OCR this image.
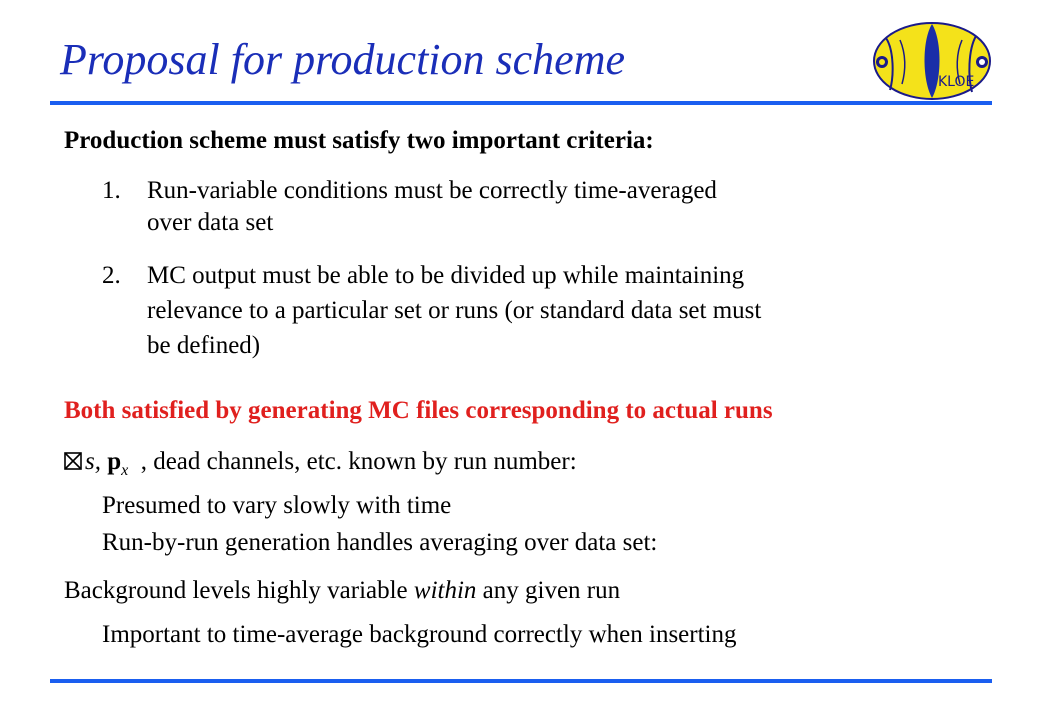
Proposal for production scheme	KLOE
Production scheme must satisfy two important criteria:
1. Run-variable conditions must be correctly time-averaged
over data set
2. MC output must be able to be divided up while maintaining
relevance to a particular set or runs (or standard data set must
be defined)
Both satisfied by generating MC files corresponding to actual runs
s, $p_{x⃗}$, dead channels, etc. known by run number:
Presumed to vary slowly with time
Run-by-run generation handles averaging over data set:
Background levels highly variable within any given run
Important to time-average background correctly when inserting
